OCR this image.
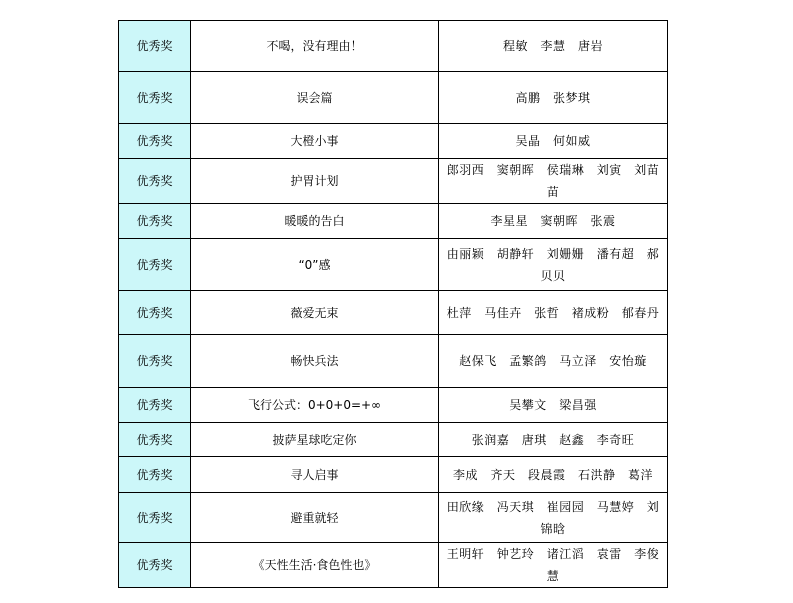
优秀奖	不喝，没有理由！	程敏　李慧　唐岩
优秀奖	误会篇	高鹏　张梦琪
优秀奖	大橙小事	吴晶　何如威
优秀奖	护胃计划	郎羽西　窦朝晖　侯瑞琳　刘寅　刘苗苗
优秀奖	暖暖的告白	李星星　窦朝晖　张震
优秀奖	“0”感	由丽颖　胡静轩　刘姗姗　潘有超　郝贝贝
优秀奖	薇爱无束	杜萍　马佳卉　张哲　褚成粉　郁春丹
优秀奖	畅快兵法	赵保飞　孟繁鸽　马立泽　安怡璇
优秀奖	飞行公式：0+0+0=+∞	吴攀文　梁昌强
优秀奖	披萨星球吃定你	张润嘉　唐琪　赵鑫　李奇旺
优秀奖	寻人启事	李成　齐天　段晨霞　石洪静　葛洋
优秀奖	避重就轻	田欣缘　冯天琪　崔园园　马慧婷　刘锦晗
优秀奖	《天性生活·食色性也》	王明轩　钟艺玲　诸江滔　袁雷　李俊慧
